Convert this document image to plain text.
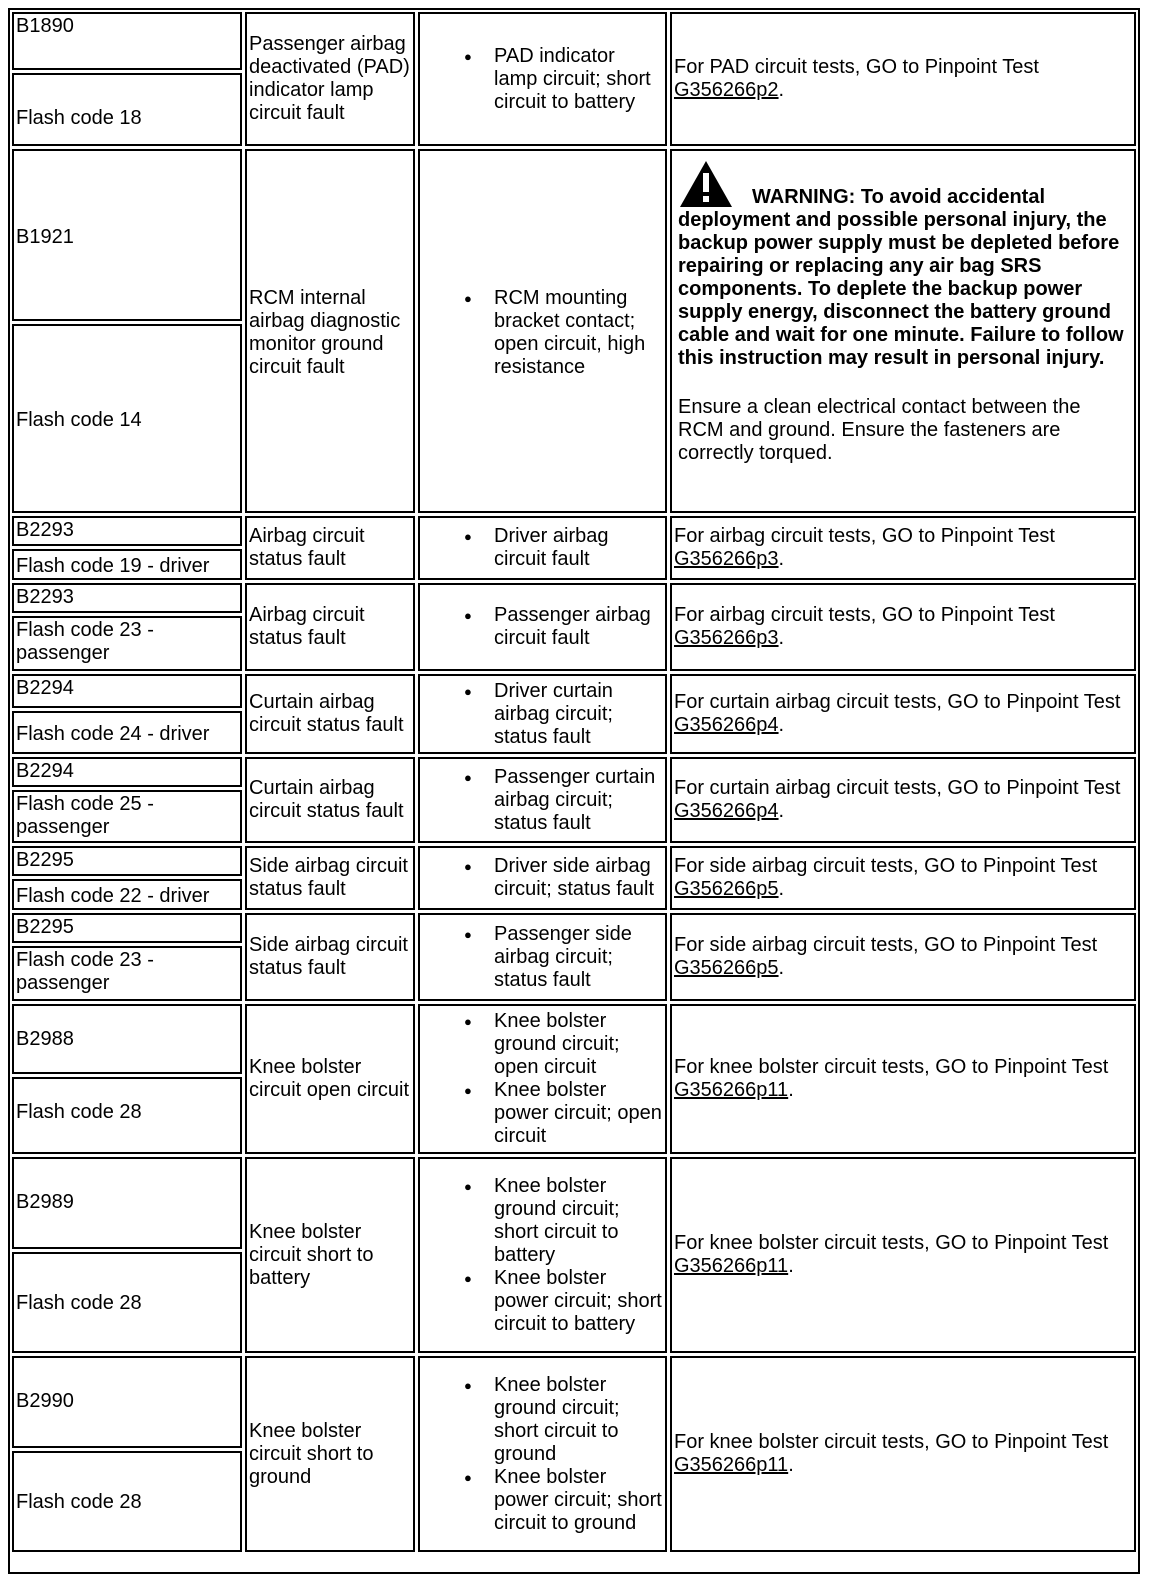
B1890
Flash code 18
Passenger airbag deactivated (PAD) indicator lamp circuit fault
● PAD indicator lamp circuit; short circuit to battery
For PAD circuit tests, GO to Pinpoint Test G356266p2.
B1921
Flash code 14
RCM internal airbag diagnostic monitor ground circuit fault
● RCM mounting bracket contact; open circuit, high resistance
WARNING: To avoid accidental
deployment and possible personal injury, the backup power supply must be depleted before repairing or replacing any air bag SRS components. To deplete the backup power supply energy, disconnect the battery ground cable and wait for one minute. Failure to follow this instruction may result in personal injury.
Ensure a clean electrical contact between the RCM and ground. Ensure the fasteners are correctly torqued.
B2293
Flash code 19 - driver
Airbag circuit status fault
● Driver airbag circuit fault
For airbag circuit tests, GO to Pinpoint Test G356266p3.
B2293
Flash code 23 - passenger
Airbag circuit status fault
● Passenger airbag circuit fault
For airbag circuit tests, GO to Pinpoint Test G356266p3.
B2294
Flash code 24 - driver
Curtain airbag circuit status fault
● Driver curtain airbag circuit; status fault
For curtain airbag circuit tests, GO to Pinpoint Test G356266p4.
B2294
Flash code 25 - passenger
Curtain airbag circuit status fault
● Passenger curtain airbag circuit; status fault
For curtain airbag circuit tests, GO to Pinpoint Test G356266p4.
B2295
Flash code 22 - driver
Side airbag circuit status fault
● Driver side airbag circuit; status fault
For side airbag circuit tests, GO to Pinpoint Test G356266p5.
B2295
Flash code 23 - passenger
Side airbag circuit status fault
● Passenger side airbag circuit; status fault
For side airbag circuit tests, GO to Pinpoint Test G356266p5.
B2988
Flash code 28
Knee bolster circuit open circuit
● Knee bolster ground circuit; open circuit
● Knee bolster power circuit; open circuit
For knee bolster circuit tests, GO to Pinpoint Test G356266p11.
B2989
Flash code 28
Knee bolster circuit short to battery
● Knee bolster ground circuit; short circuit to battery
● Knee bolster power circuit; short circuit to battery
For knee bolster circuit tests, GO to Pinpoint Test G356266p11.
B2990
Flash code 28
Knee bolster circuit short to ground
● Knee bolster ground circuit; short circuit to ground
● Knee bolster power circuit; short circuit to ground
For knee bolster circuit tests, GO to Pinpoint Test G356266p11.
